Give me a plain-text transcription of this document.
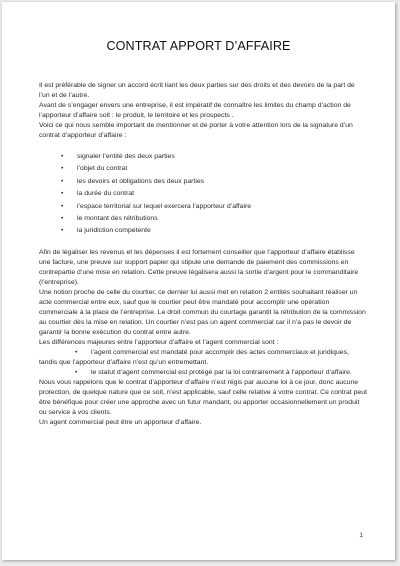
CONTRAT APPORT D’AFFAIRE

Il est préférable de signer un accord écrit liant les deux parties sur des droits et des devoirs de la part de l’un et de l’autre.

Avant de s’engager envers une entreprise, il est impératif de connaître les limites du champ d’action de l’apporteur d’affaire soit : le produit, le territoire et les prospects .

Voici ce qui nous semble important de mentionner et de porter à votre attention lors de la signature d’un contrat d’apporteur d’affaire :

• signaler l’entité des deux parties
• l’objet du contrat
• les devoirs et obligations des deux parties
• la durée du contrat
• l’espace territorial sur lequel exercera l’apporteur d’affaire
• le montant des rétributions
• la juridiction compétente

Afin de légaliser les revenus et les dépenses il est fortement conseiller que l’apporteur d’affaire établisse une facture, une preuve sur support papier qui stipule une demande de paiement des commissions en contrepartie d’une mise en relation. Cette preuve légalisera aussi la sortie d’argent pour le commanditaire (l’entreprise).

Une notion proche de celle du courtier, ce dernier lui aussi met en relation 2 entités souhaitant réaliser un acte commercial entre eux, sauf que le courtier peut être mandaté pour accomplir une opération commerciale à la place de l’entreprise. Le droit commun du courtage garantit la rétribution de la commission au courtier dès la mise en relation. Un courtier n’est pas un agent commercial car il n’a pas le devoir de garantir la bonne exécution du contrat entre autre.

Les différences majeures entre l’apporteur d’affaire et l’agent commercial sont :

•	l’agent commercial est mandaté pour accomplir des actes commerciaux et juridiques,
tandis que l’apporteur d’affaire n’est qu’un entremettant.
•	le statut d’agent commercial est protégé par la loi contrairement à l’apporteur d’affaire.

Nous vous rappelons que le contrat d’apporteur d’affaire n’est régis par aucune loi à ce jour, donc aucune protection, de quelque nature que ce soit, n’est applicable, sauf celle relative à votre contrat. Ce contrat peut être bénéfique pour créer une approche avec un futur mandant, ou apporter occasionnellement un produit ou service à vos clients.

Un agent commercial peut être un apporteur d’affaire.

1
